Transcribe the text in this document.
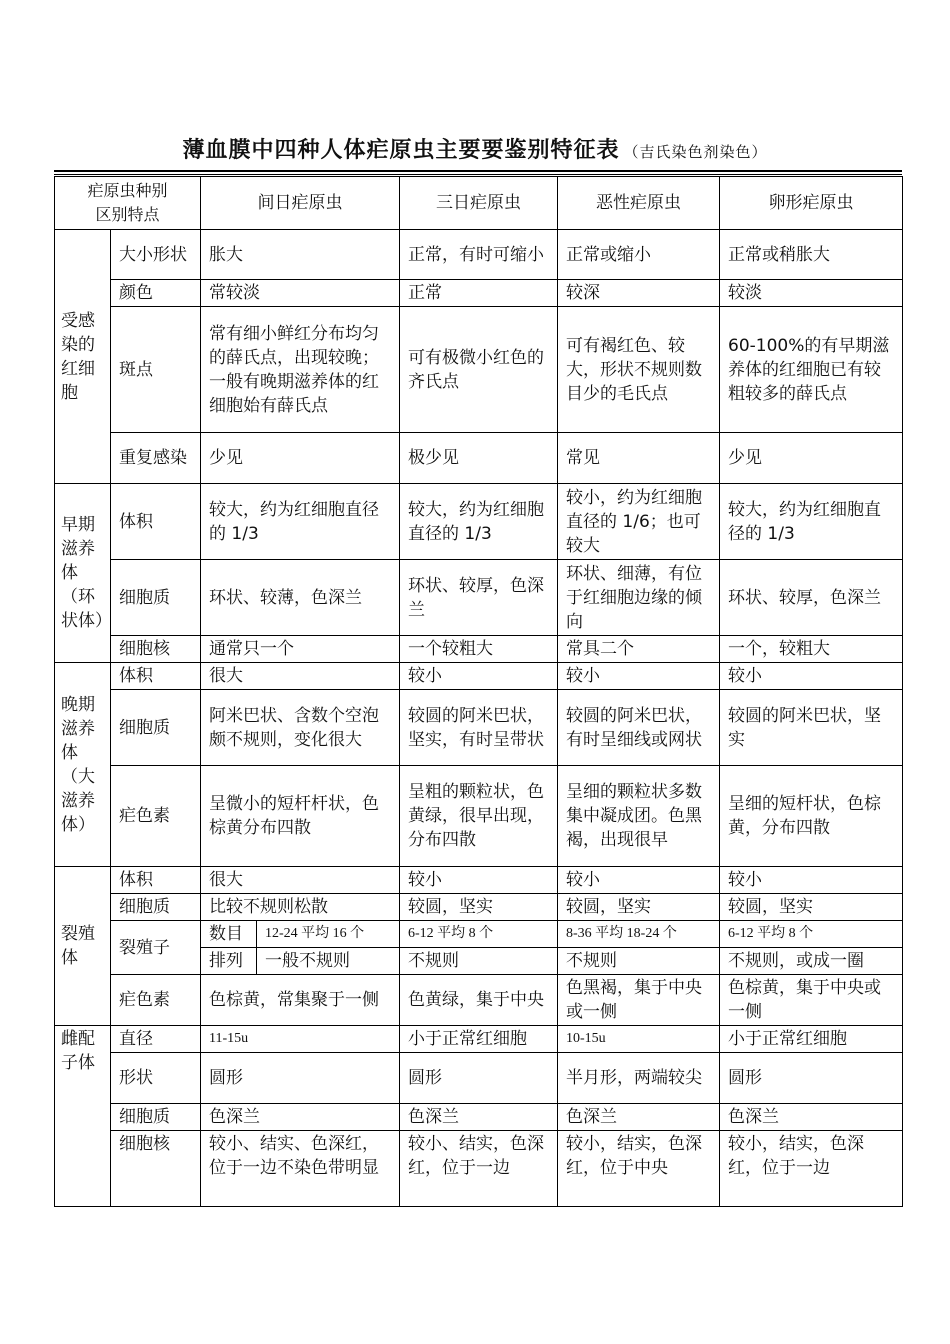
薄血膜中四种人体疟原虫主要要鉴别特征表 （吉氏染色剂染色）
疟原虫种别
区别特点		间日疟原虫		三日疟原虫	恶性疟原虫	卵形疟原虫
受感染的红细胞	大小形状	胀大		正常，有时可缩小	正常或缩小	正常或稍胀大
	颜色	常较淡		正常	较深	较淡
	斑点	常有细小鲜红分布均匀的薛氏点，出现较晚；一般有晚期滋养体的红细胞始有薛氏点		可有极微小红色的齐氏点	可有褐红色、较大，形状不规则数目少的毛氏点	60-100%的有早期滋养体的红细胞已有较粗较多的薛氏点
	重复感染	少见		极少见	常见	少见
早期滋养体（环状体）	体积	较大，约为红细胞直径的 1/3		较大，约为红细胞直径的 1/3	较小，约为红细胞直径的 1/6；也可较大	较大，约为红细胞直径的 1/3
	细胞质	环状、较薄，色深兰		环状、较厚，色深兰	环状、细薄，有位于红细胞边缘的倾向	环状、较厚，色深兰
	细胞核	通常只一个		一个较粗大	常具二个	一个，较粗大
晚期滋养体（大滋养体）	体积	很大		较小	较小	较小
	细胞质	阿米巴状、含数个空泡颇不规则，变化很大		较圆的阿米巴状，坚实，有时呈带状	较圆的阿米巴状，有时呈细线或网状	较圆的阿米巴状，坚实
	疟色素	呈微小的短杆杆状，色棕黄分布四散		呈粗的颗粒状，色黄绿，很早出现，分布四散	呈细的颗粒状多数集中凝成团。色黑褐，出现很早	呈细的短杆状，色棕黄，分布四散
裂殖体	体积	很大		较小	较小	较小
	细胞质	比较不规则松散		较圆，坚实	较圆，坚实	较圆，坚实
	裂殖子	数目	12-24 平均 16 个	6-12 平均 8 个	8-36 平均 18-24 个	6-12 平均 8 个
		排列	一般不规则	不规则	不规则	不规则，或成一圈
	疟色素	色棕黄，常集聚于一侧		色黄绿，集于中央	色黑褐，集于中央或一侧	色棕黄，集于中央或一侧
雌配子体	直径	11-15u		小于正常红细胞	10-15u	小于正常红细胞
	形状	圆形		圆形	半月形，两端较尖	圆形
	细胞质	色深兰		色深兰	色深兰	色深兰
	细胞核	较小、结实、色深红，位于一边不染色带明显		较小、结实，色深红，位于一边	较小，结实，色深红，位于中央	较小，结实，色深红，位于一边
